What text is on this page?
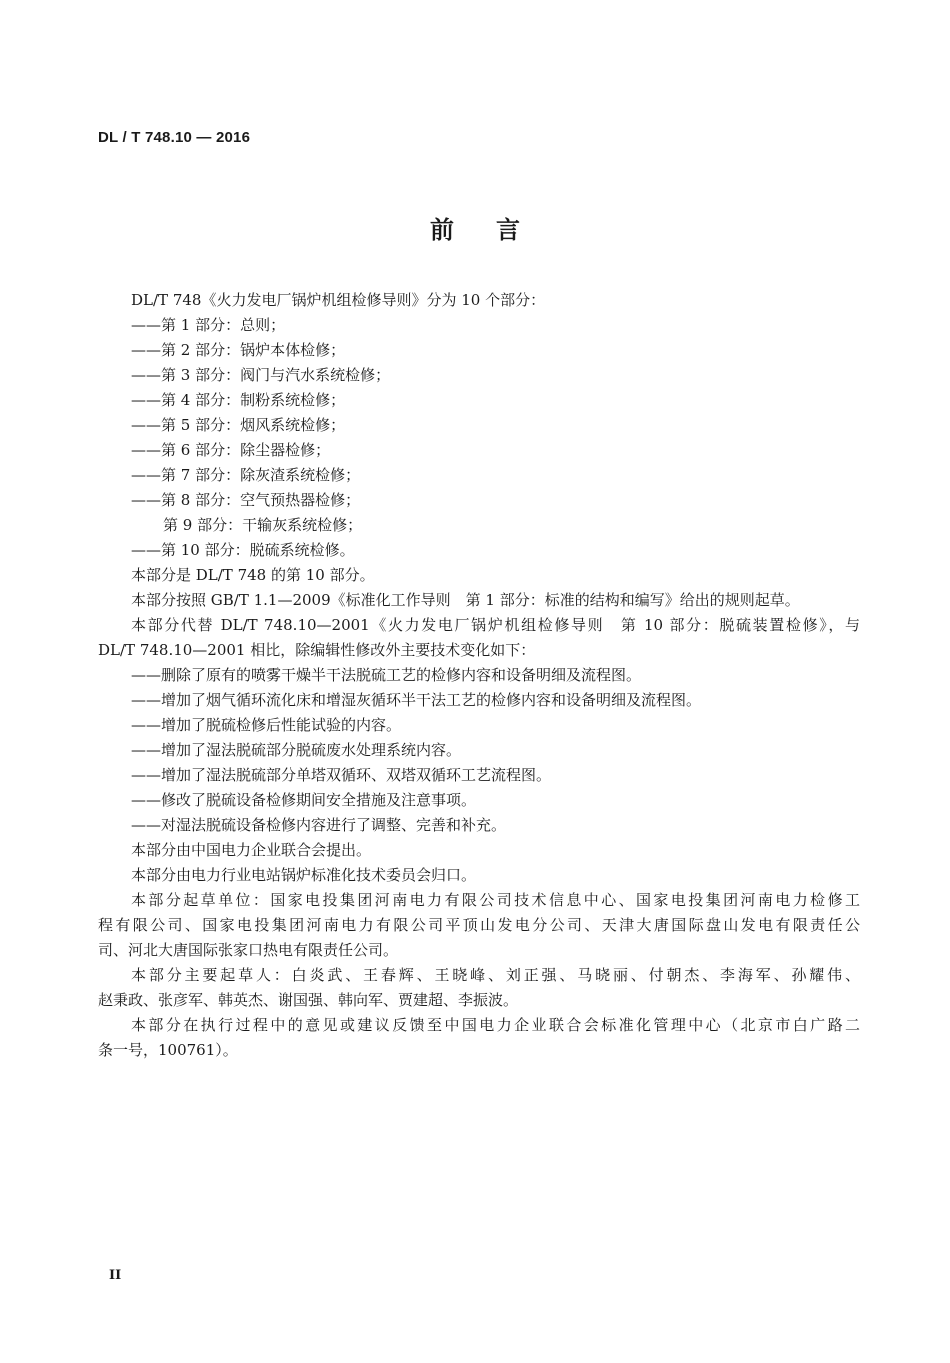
DL / T 748.10 — 2016
前言
DL/T 748《火力发电厂锅炉机组检修导则》分为 10 个部分：
——第 1 部分：总则；
——第 2 部分：锅炉本体检修；
——第 3 部分：阀门与汽水系统检修；
——第 4 部分：制粉系统检修；
——第 5 部分：烟风系统检修；
——第 6 部分：除尘器检修；
——第 7 部分：除灰渣系统检修；
——第 8 部分：空气预热器检修；
第 9 部分：干输灰系统检修；
——第 10 部分：脱硫系统检修。
本部分是 DL/T 748 的第 10 部分。
本部分按照 GB/T 1.1—2009《标准化工作导则　第 1 部分：标准的结构和编写》给出的规则起草。
本部分代替 DL/T 748.10—2001《火力发电厂锅炉机组检修导则　第 10 部分：脱硫装置检修》，与
DL/T 748.10—2001 相比，除编辑性修改外主要技术变化如下：
——删除了原有的喷雾干燥半干法脱硫工艺的检修内容和设备明细及流程图。
——增加了烟气循环流化床和增湿灰循环半干法工艺的检修内容和设备明细及流程图。
——增加了脱硫检修后性能试验的内容。
——增加了湿法脱硫部分脱硫废水处理系统内容。
——增加了湿法脱硫部分单塔双循环、双塔双循环工艺流程图。
——修改了脱硫设备检修期间安全措施及注意事项。
——对湿法脱硫设备检修内容进行了调整、完善和补充。
本部分由中国电力企业联合会提出。
本部分由电力行业电站锅炉标准化技术委员会归口。
本部分起草单位：国家电投集团河南电力有限公司技术信息中心、国家电投集团河南电力检修工
程有限公司、国家电投集团河南电力有限公司平顶山发电分公司、天津大唐国际盘山发电有限责任公
司、河北大唐国际张家口热电有限责任公司。
本部分主要起草人：白炎武、王春辉、王晓峰、刘正强、马晓丽、付朝杰、李海军、孙耀伟、
赵秉政、张彦军、韩英杰、谢国强、韩向军、贾建超、李振波。
本部分在执行过程中的意见或建议反馈至中国电力企业联合会标准化管理中心（北京市白广路二
条一号，100761）。
II
